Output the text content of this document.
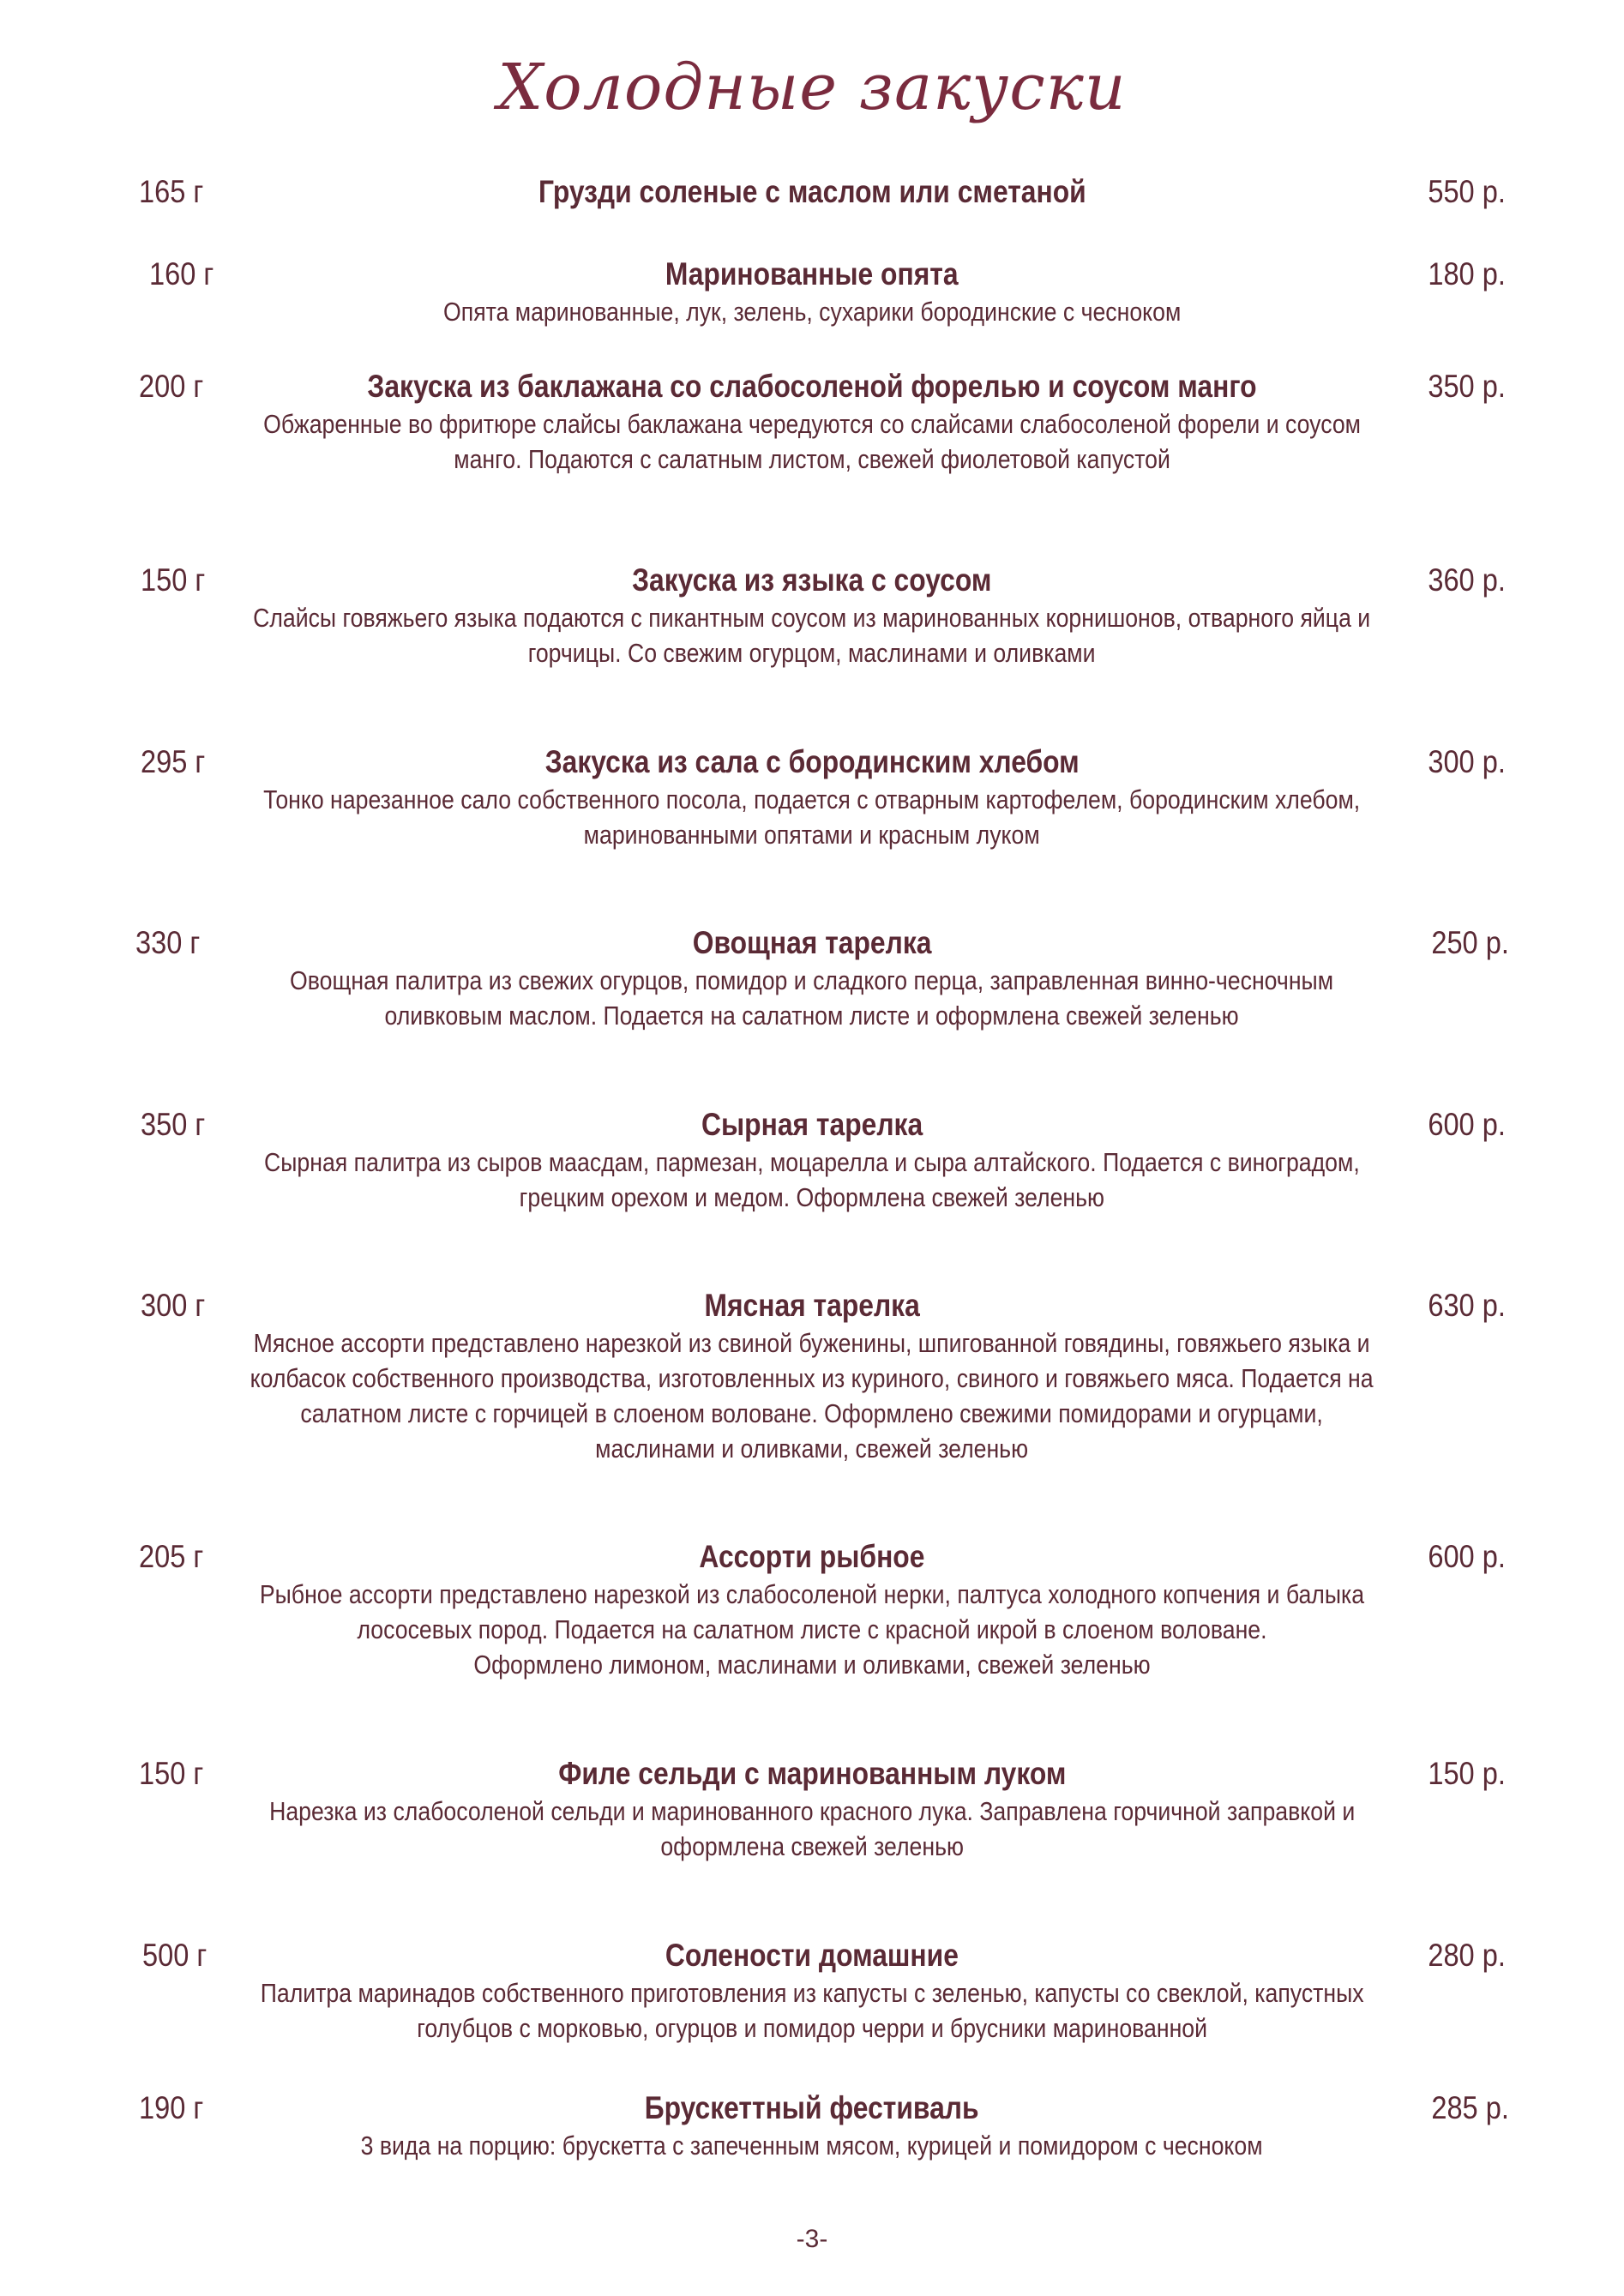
Холодные закуски
165 г	Грузди соленые с маслом или сметаной	550 р.
160 г	Маринованные опята	180 р.
Опята маринованные, лук, зелень, сухарики бородинские с чесноком
200 г	Закуска из баклажана со слабосоленой форелью и соусом манго	350 р.
Обжаренные во фритюре слайсы баклажана чередуются со слайсами слабосоленой форели и соусом
манго. Подаются с салатным листом, свежей фиолетовой капустой
150 г	Закуска из языка с соусом	360 р.
Слайсы говяжьего языка подаются с пикантным соусом из маринованных корнишонов, отварного яйца и
горчицы. Со свежим огурцом, маслинами и оливками
295 г	Закуска из сала с бородинским хлебом	300 р.
Тонко нарезанное сало собственного посола, подается с отварным картофелем, бородинским хлебом,
маринованными опятами и красным луком
330 г	Овощная тарелка	250 р.
Овощная палитра из свежих огурцов, помидор и сладкого перца, заправленная винно-чесночным
оливковым маслом. Подается на салатном листе и оформлена свежей зеленью
350 г	Сырная тарелка	600 р.
Сырная палитра из сыров маасдам, пармезан, моцарелла и сыра алтайского. Подается с виноградом,
грецким орехом и медом. Оформлена свежей зеленью
300 г	Мясная тарелка	630 р.
Мясное ассорти представлено нарезкой из свиной буженины, шпигованной говядины, говяжьего языка и
колбасок собственного производства, изготовленных из куриного, свиного и говяжьего мяса. Подается на
салатном листе с горчицей в слоеном воловане. Оформлено свежими помидорами и огурцами,
маслинами и оливками, свежей зеленью
205 г	Ассорти рыбное	600 р.
Рыбное ассорти представлено нарезкой из слабосоленой нерки, палтуса холодного копчения и балыка
лососевых пород. Подается на салатном листе с красной икрой в слоеном воловане.
Оформлено лимоном, маслинами и оливками, свежей зеленью
150 г	Филе сельди с маринованным луком	150 р.
Нарезка из слабосоленой сельди и маринованного красного лука. Заправлена горчичной заправкой и
оформлена свежей зеленью
500 г	Солености домашние	280 р.
Палитра маринадов собственного приготовления из капусты с зеленью, капусты со свеклой, капустных
голубцов с морковью, огурцов и помидор черри и брусники маринованной
190 г	Брускеттный фестиваль	285 р.
3 вида на порцию: брускетта с запеченным мясом, курицей и помидором с чесноком
-3-
